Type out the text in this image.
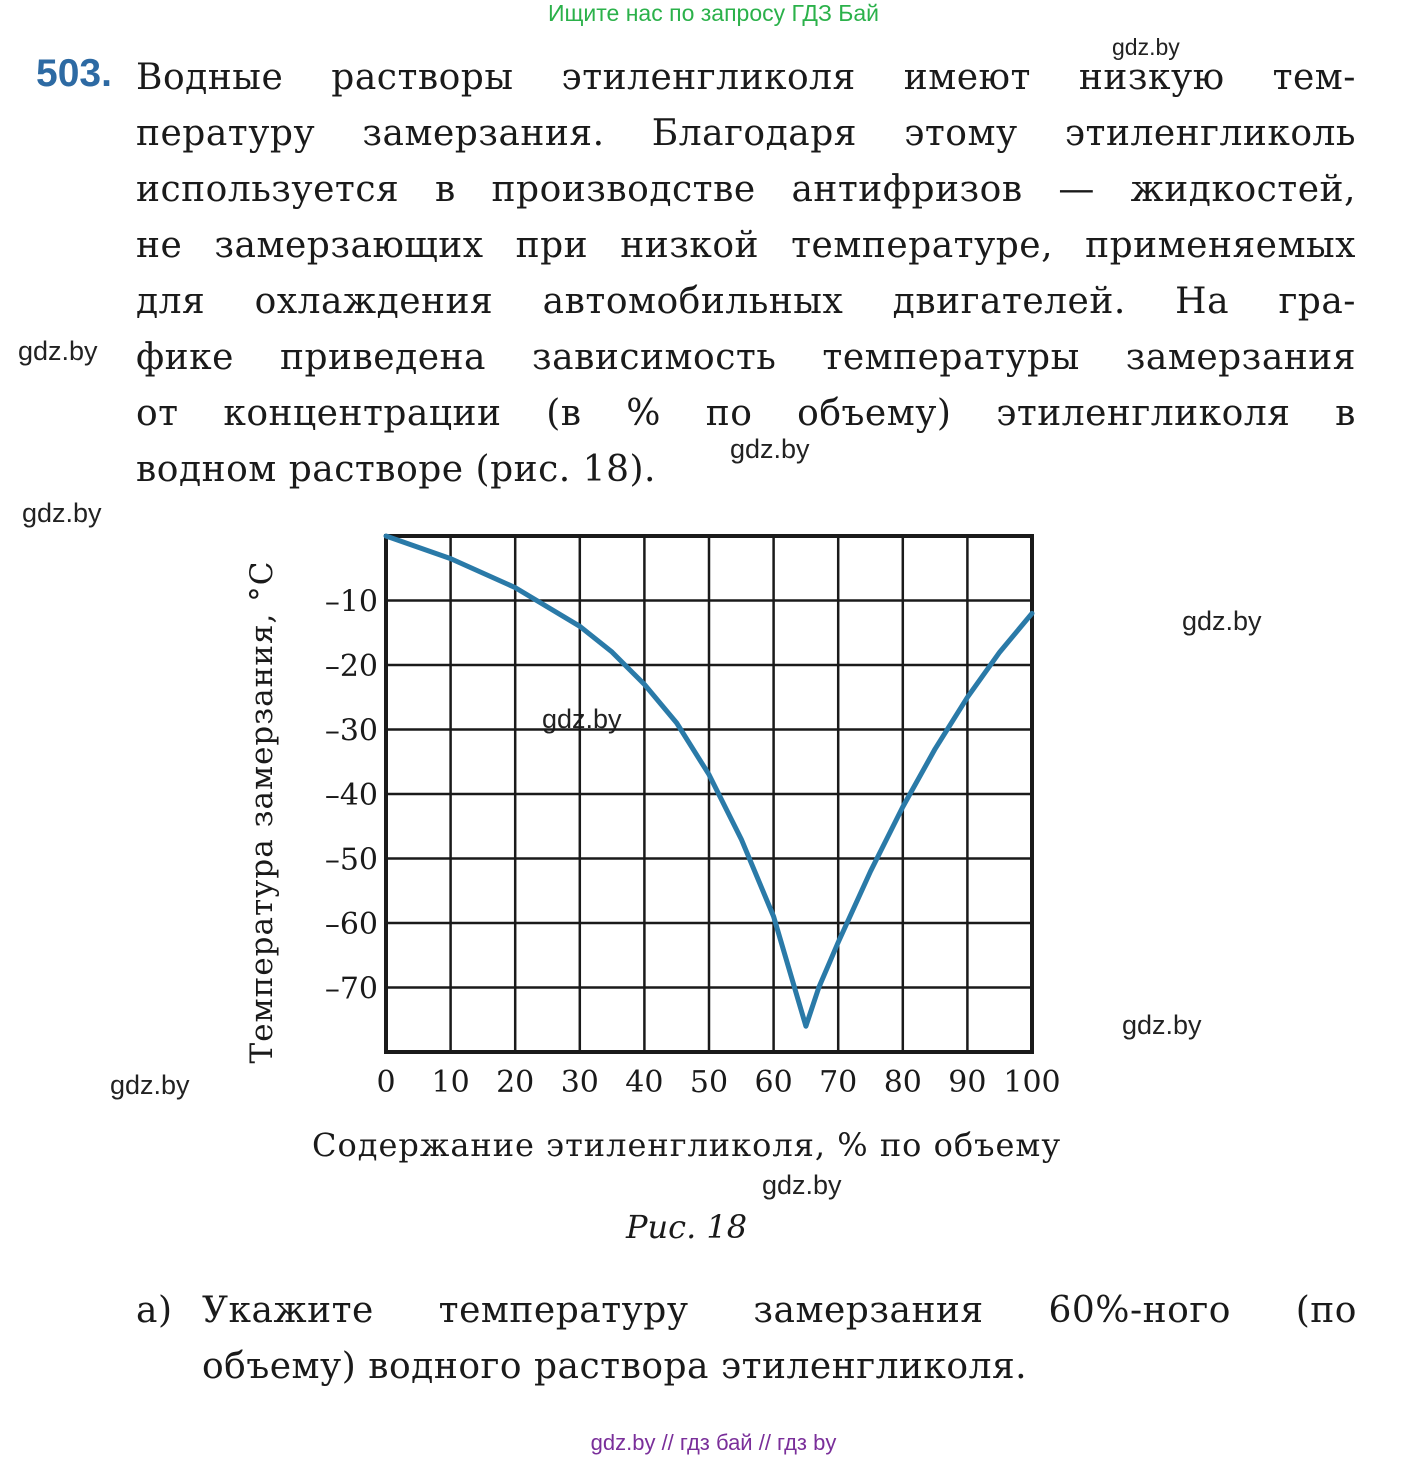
Ищите нас по запросу ГДЗ Бай
gdz.by
gdz.by
gdz.by
gdz.by
gdz.by
gdz.by
gdz.by
gdz.by
gdz.by
503. Водные растворы этиленгликоля имеют низкую тем-
пературу замерзания. Благодаря этому этиленгликоль
используется в производстве антифризов — жидкостей,
не замерзающих при низкой температуре, применяемых
для охлаждения автомобильных двигателей. На гра-
фике приведена зависимость температуры замерзания
от концентрации (в % по объему) этиленгликоля в
водном растворе (рис. 18).
–10
–20
–30
–40
–50
–60
–70
0 10 20 30 40 50 60 70 80 90 100
Температура замерзания, °C
Содержание этиленгликоля, % по объему
Рис. 18
а) Укажите температуру замерзания 60%-ного (по
объему) водного раствора этиленгликоля.
gdz.by // гдз бай // гдз by
